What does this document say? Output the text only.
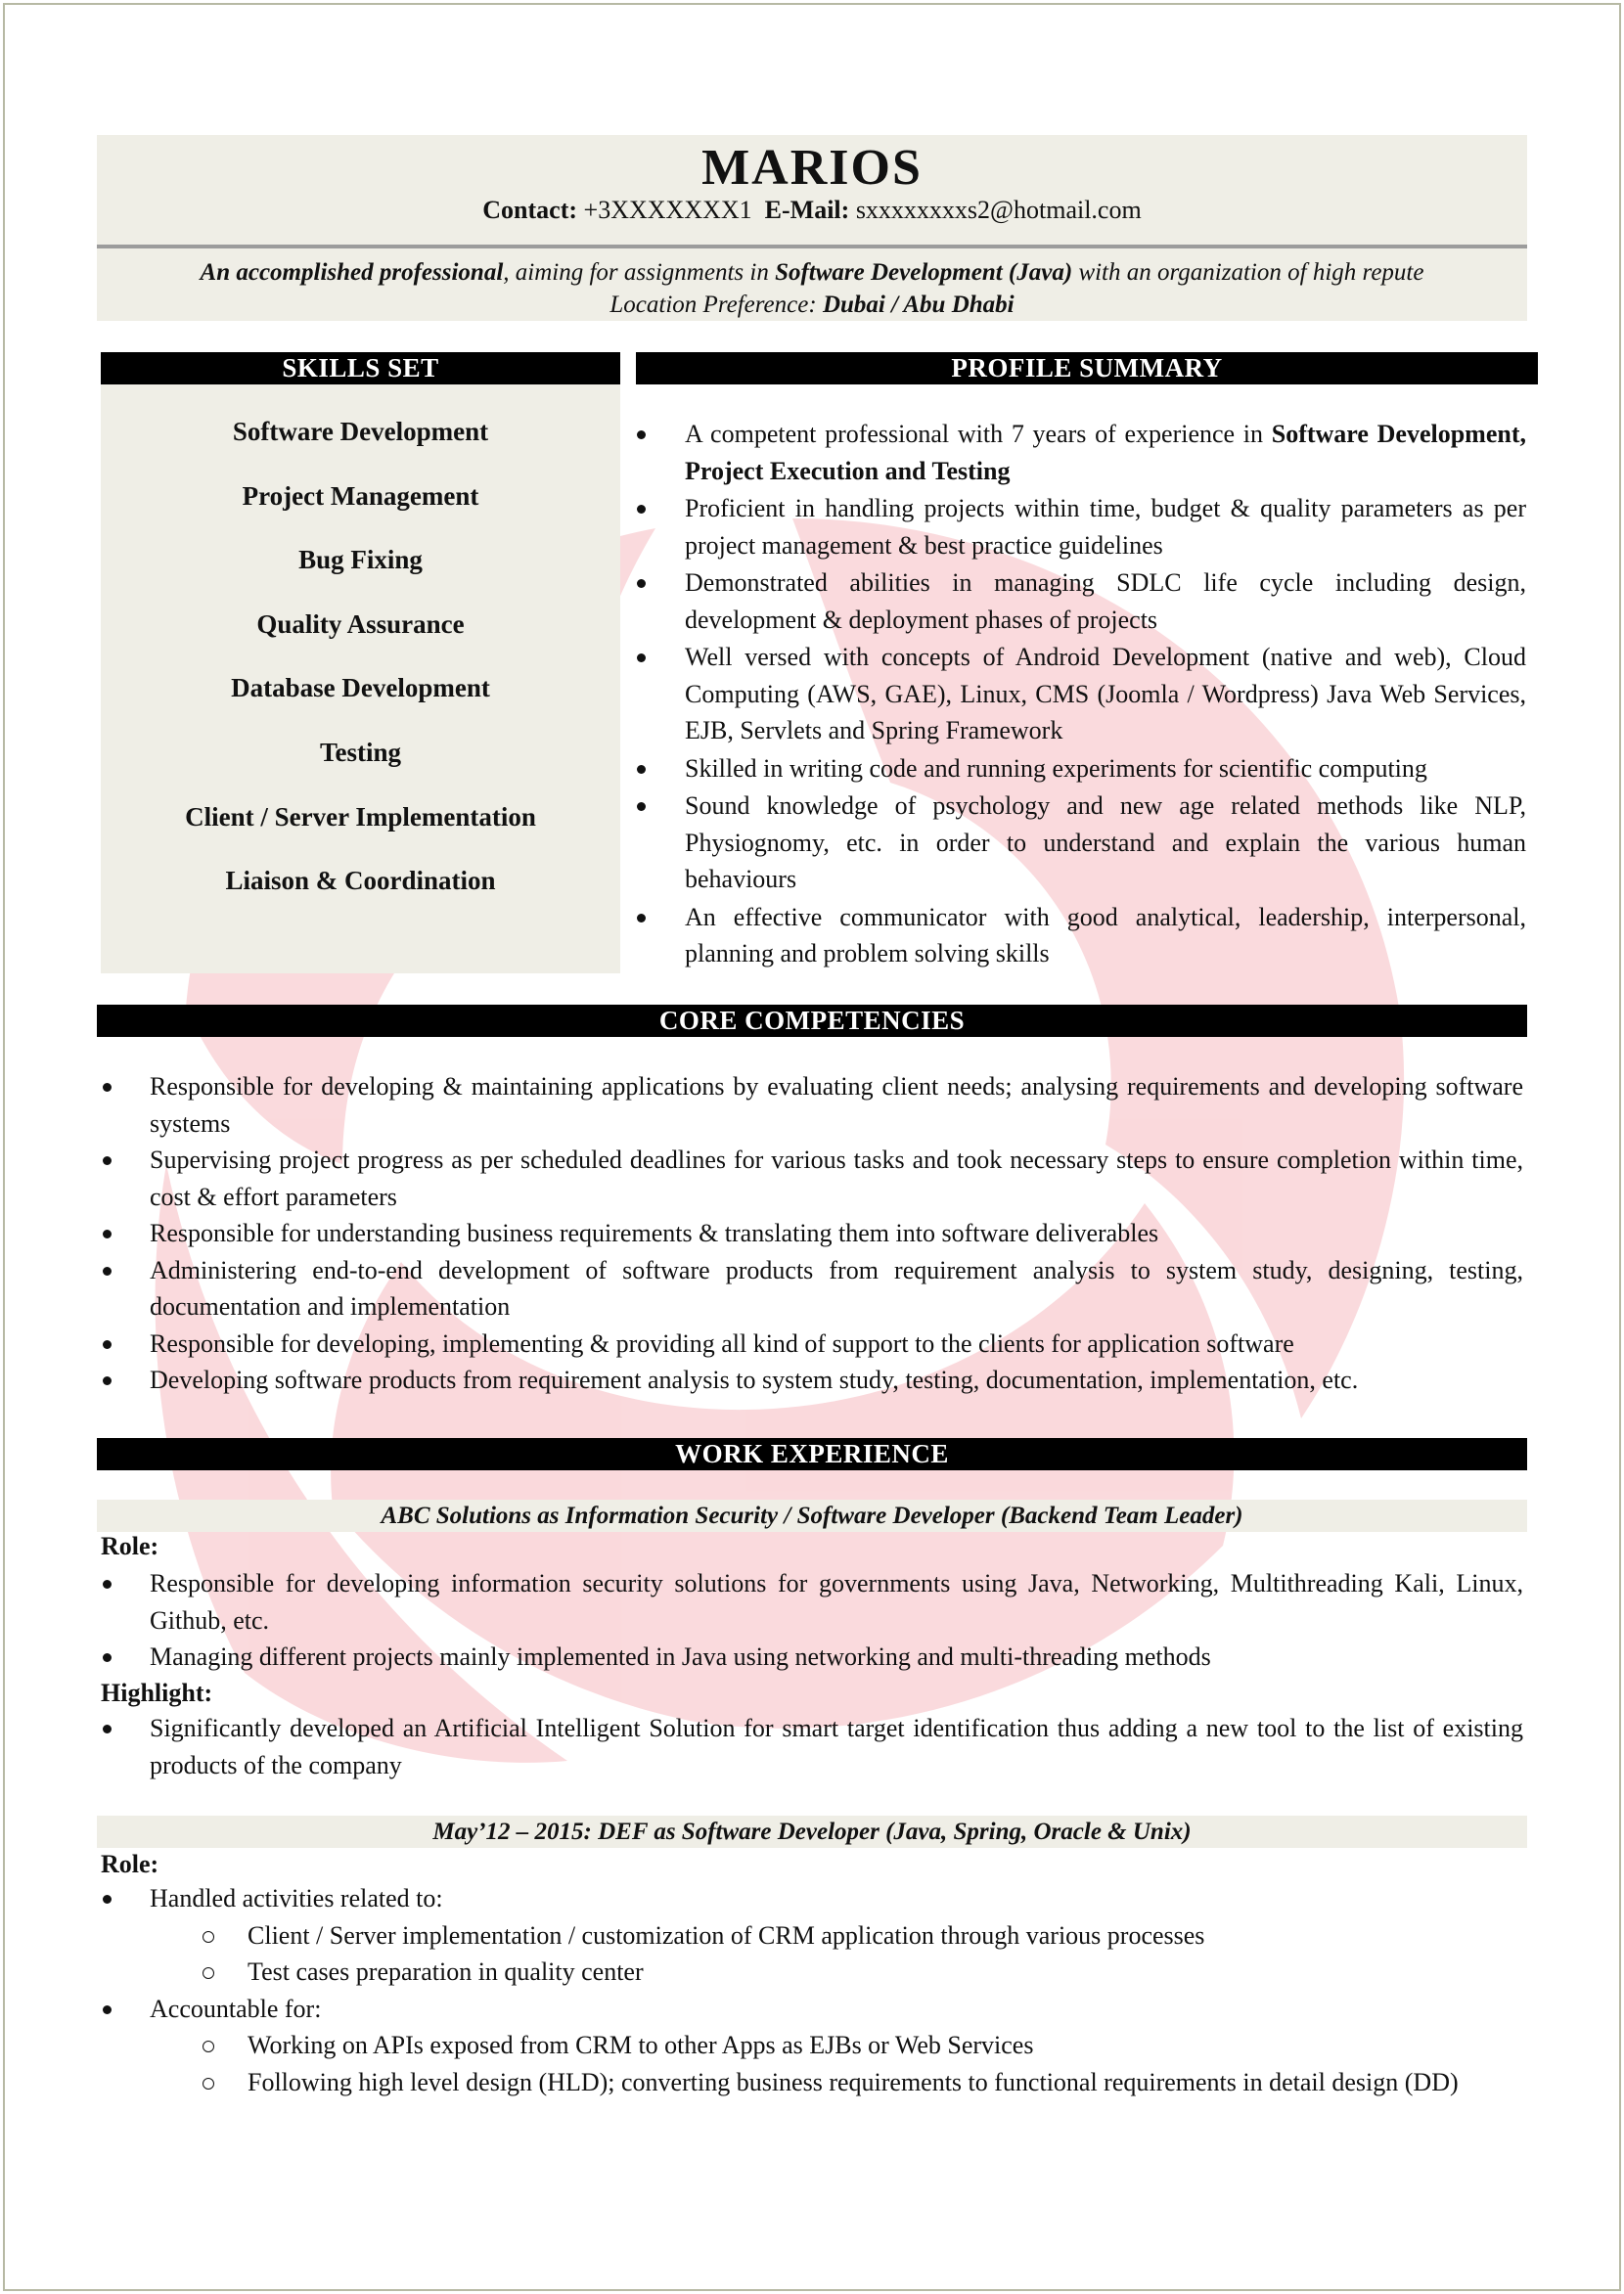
MARIOS
Contact: +3XXXXXXX1 E-Mail: sxxxxxxxxs2@hotmail.com
An accomplished professional, aiming for assignments in Software Development (Java) with an organization of high repute
Location Preference: Dubai / Abu Dhabi
SKILLS SET	PROFILE SUMMARY
Software Development
Project Management
Bug Fixing
Quality Assurance
Database Development
Testing
Client / Server Implementation
Liaison & Coordination
A competent professional with 7 years of experience in Software Development, Project Execution and Testing
Proficient in handling projects within time, budget & quality parameters as per project management & best practice guidelines
Demonstrated abilities in managing SDLC life cycle including design, development & deployment phases of projects
Well versed with concepts of Android Development (native and web), Cloud Computing (AWS, GAE), Linux, CMS (Joomla / Wordpress) Java Web Services, EJB, Servlets and Spring Framework
Skilled in writing code and running experiments for scientific computing
Sound knowledge of psychology and new age related methods like NLP, Physiognomy, etc. in order to understand and explain the various human behaviours
An effective communicator with good analytical, leadership, interpersonal, planning and problem solving skills
CORE COMPETENCIES
Responsible for developing & maintaining applications by evaluating client needs; analysing requirements and developing software systems
Supervising project progress as per scheduled deadlines for various tasks and took necessary steps to ensure completion within time, cost & effort parameters
Responsible for understanding business requirements & translating them into software deliverables
Administering end-to-end development of software products from requirement analysis to system study, designing, testing, documentation and implementation
Responsible for developing, implementing & providing all kind of support to the clients for application software
Developing software products from requirement analysis to system study, testing, documentation, implementation, etc.
WORK EXPERIENCE
ABC Solutions as Information Security / Software Developer (Backend Team Leader)
Role:
Responsible for developing information security solutions for governments using Java, Networking, Multithreading Kali, Linux, Github, etc.
Managing different projects mainly implemented in Java using networking and multi-threading methods
Highlight:
Significantly developed an Artificial Intelligent Solution for smart target identification thus adding a new tool to the list of existing products of the company
May’12 – 2015: DEF as Software Developer (Java, Spring, Oracle & Unix)
Role:
Handled activities related to:
Client / Server implementation / customization of CRM application through various processes
Test cases preparation in quality center
Accountable for:
Working on APIs exposed from CRM to other Apps as EJBs or Web Services
Following high level design (HLD); converting business requirements to functional requirements in detail design (DD)
